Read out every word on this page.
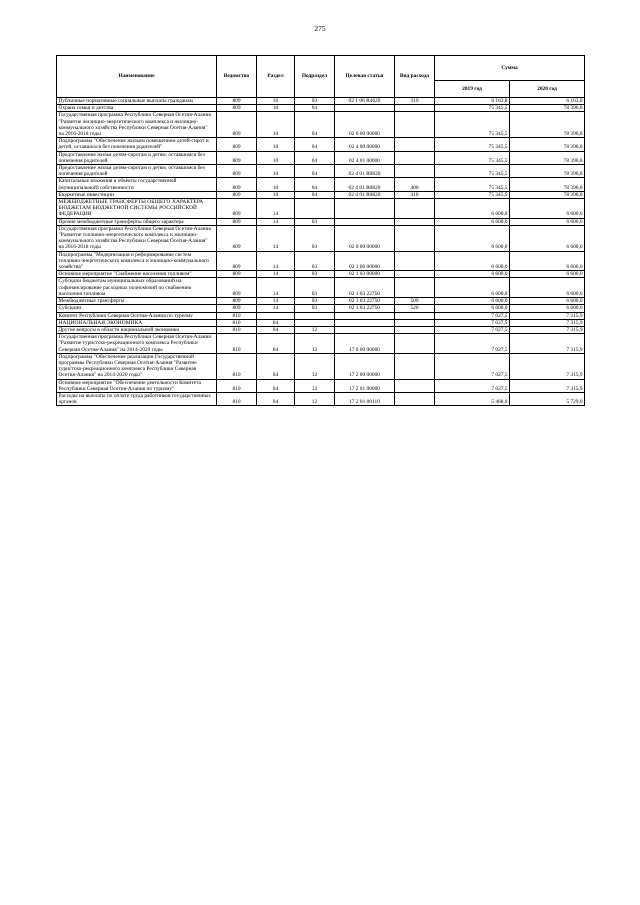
275
Наименование	Ведомство	Раздел	Подраздел	Целевая статья	Вид расхода	Сумма	
						2019 год	2020 год
Публичные нормативные социальные выплаты гражданам	809	10	03	02 1 06 R4620	310	6 163,8	6 163,8
Охрана семьи и детства	809	10	04			75 345,5	78 396,8
Государственная программа Республики Северная Осетия-Алания "Развитие жилищно-энергетического комплекса и жилищно-коммунального хозяйства Республики Северная Осетия-Алания" на 2016-2018 годы	809	10	04	02 0 00 00000		75 345,5	78 396,8
Подпрограмма "Обеспечение жильем помещением детей-сирот и детей, оставшихся без попечения родителей"	809	10	04	02 4 00 00000		75 345,5	78 396,8
Предоставление жилья детям-сиротам и детям, оставшимся без попечения родителей	809	10	04	02 4 01 00000		75 345,5	78 396,8
Предоставление жилья детям-сиротам и детям, оставшимся без попечения родителей	809	10	04	02 4 01 R0820		75 345,5	78 396,8
Капитальные вложения в объекты государственной (муниципальной) собственности	809	10	04	02 4 01 R0820	400	75 345,5	78 396,8
Бюджетные инвестиции	809	10	04	02 4 01 R0820	410	75 345,5	78 396,8
МЕЖБЮДЖЕТНЫЕ ТРАНСФЕРТЫ ОБЩЕГО ХАРАКТЕРА БЮДЖЕТАМ БЮДЖЕТНОЙ СИСТЕМЫ РОССИЙСКОЙ ФЕДЕРАЦИИ	809	14				6 600,0	6 600,0
Прочие межбюджетные трансферты общего характера	809	14	03			6 600,0	6 600,0
Государственная программа Республики Северная Осетия-Алания "Развитие топливно-энергетического комплекса и жилищно-коммунального хозяйства Республики Северная Осетия-Алания" на 2016-2018 годы	809	14	03	02 0 00 00000		6 600,0	6 600,0
Подпрограмма "Модернизация и реформирование систем топливно-энергетического комплекса и жилищно-коммунального хозяйства"	809	14	03	02 1 00 00000		6 600,0	6 600,0
Основное мероприятие "Снабжение населения топливом"	809	14	03	02 1 03 00000		6 600,0	6 600,0
Субсидии бюджетам муниципальных образований на софинансирование расходных полномочий по снабжению населения топливом	809	14	03	02 1 03 22750		6 600,0	6 600,0
Межбюджетные трансферты	809	14	03	02 1 03 22750	500	6 600,0	6 600,0
Субсидии	809	14	03	02 1 03 22750	520	6 600,0	6 600,0
Комитет Республики Северная Осетия-Алания по туризму	810					7 027,5	7 315,9
НАЦИОНАЛЬНАЯ ЭКОНОМИКА	810	04				7 027,5	7 315,9
Другие вопросы в области национальной экономики	810	04	12			7 027,5	7 315,9
Государственная программа Республики Северная Осетия-Алания "Развитие туристско-рекреационного комплекса Республики Северная Осетия-Алания" на 2014-2020 годы	810	04	12	17 0 00 00000		7 027,5	7 315,9
Подпрограмма "Обеспечение реализации Государственной программы Республики Северная Осетия-Алания "Развитие туристско-рекреационного комплекса Республики Северная Осетия-Алания" на 2014-2020 годы"	810	04	12	17 2 00 00000		7 027,5	7 315,9
Основное мероприятие "Обеспечение деятельности Комитета Республики Северная Осетия-Алания по туризму"	810	04	12	17 2 01 00000		7 027,5	7 315,9
Расходы на выплаты по оплате труда работников государственных органов	810	04	12	17 2 01 00110		5 468,0	5 729,0
